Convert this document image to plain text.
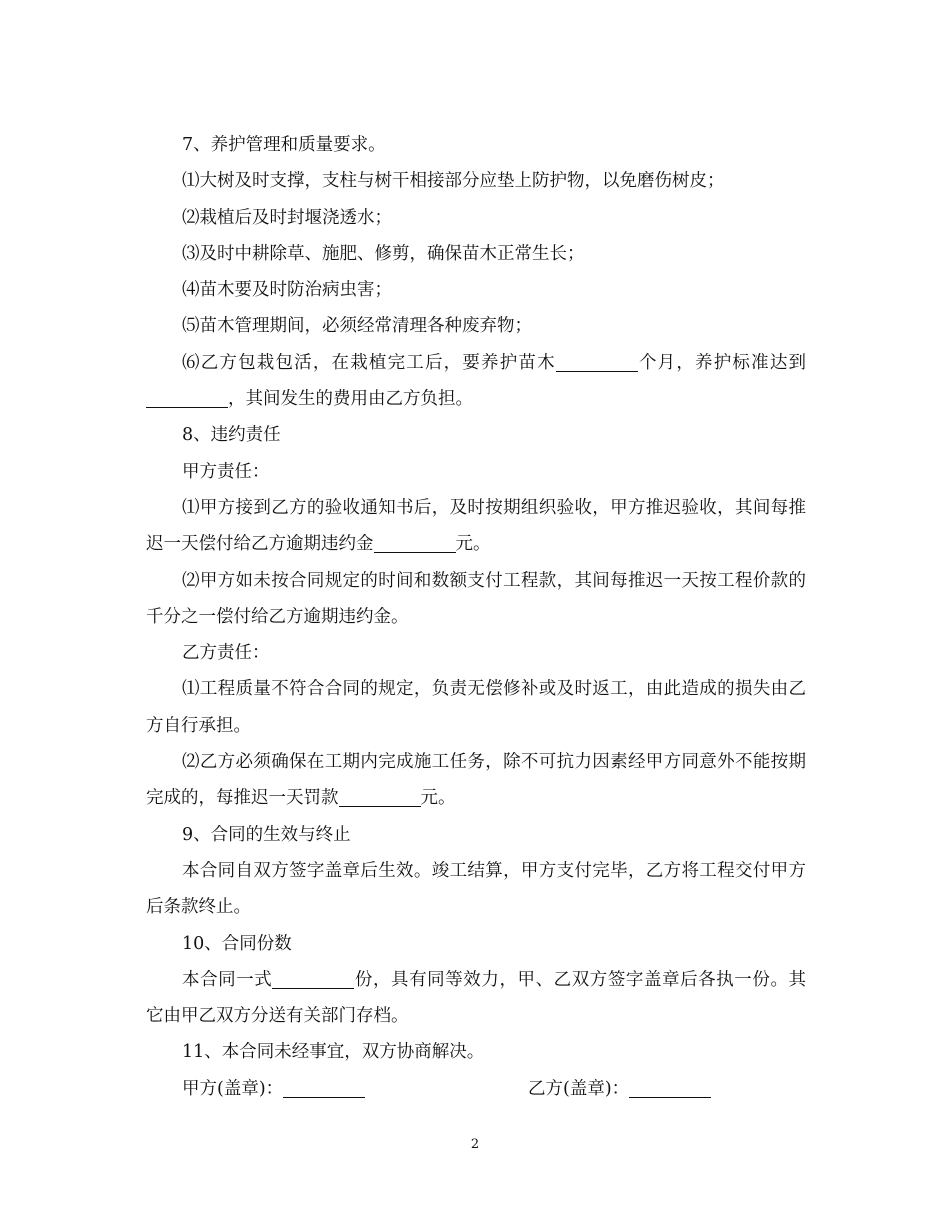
7、养护管理和质量要求。

⑴大树及时支撑，支柱与树干相接部分应垫上防护物，以免磨伤树皮；

⑵栽植后及时封堰浇透水；

⑶及时中耕除草、施肥、修剪，确保苗木正常生长；

⑷苗木要及时防治病虫害；

⑸苗木管理期间，必须经常清理各种废弃物；

⑹乙方包栽包活，在栽植完工后，要养护苗木	个月，养护标准达到，其间发生的费用由乙方负担。

8、违约责任

甲方责任：

⑴甲方接到乙方的验收通知书后，及时按期组织验收，甲方推迟验收，其间每推迟一天偿付给乙方逾期违约金	元。

⑵甲方如未按合同规定的时间和数额支付工程款，其间每推迟一天按工程价款的千分之一偿付给乙方逾期违约金。

乙方责任：

⑴工程质量不符合合同的规定，负责无偿修补或及时返工，由此造成的损失由乙方自行承担。

⑵乙方必须确保在工期内完成施工任务，除不可抗力因素经甲方同意外不能按期完成的，每推迟一天罚款	元。

9、合同的生效与终止

本合同自双方签字盖章后生效。竣工结算，甲方支付完毕，乙方将工程交付甲方后条款终止。

10、合同份数

本合同一式	份，具有同等效力，甲、乙双方签字盖章后各执一份。其它由甲乙双方分送有关部门存档。

11、本合同未经事宜，双方协商解决。

甲方(盖章)：	乙方(盖章)：
2
